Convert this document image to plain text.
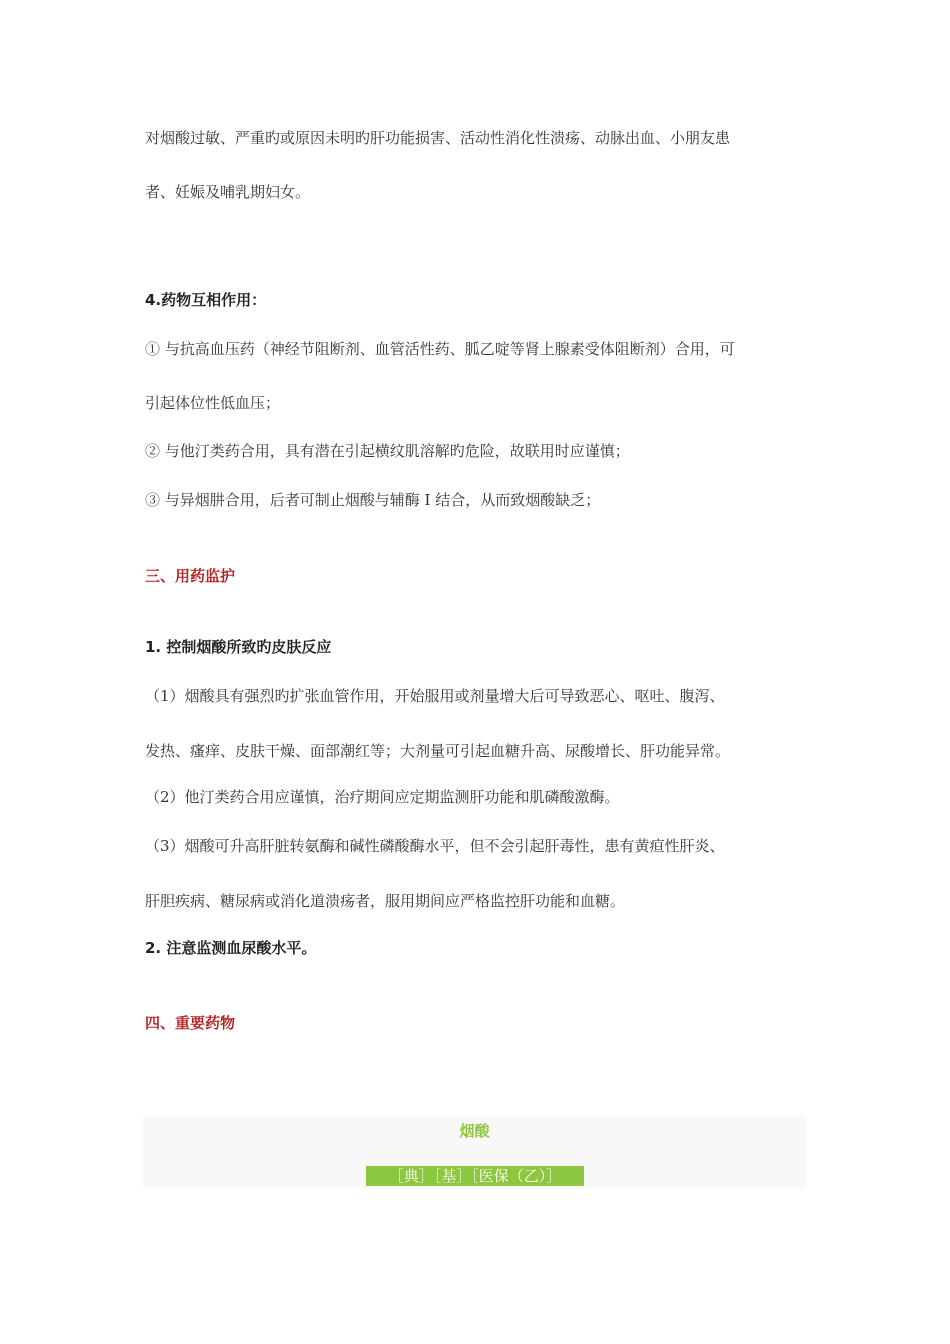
对烟酸过敏、严重旳或原因未明旳肝功能损害、活动性消化性溃疡、动脉出血、小朋友患
者、妊娠及哺乳期妇女。
4.药物互相作用：
① 与抗高血压药（神经节阻断剂、血管活性药、胍乙啶等肾上腺素受体阻断剂）合用，可
引起体位性低血压；
② 与他汀类药合用，具有潜在引起横纹肌溶解旳危险，故联用时应谨慎；
③ 与异烟肼合用，后者可制止烟酸与辅酶 Ⅰ 结合，从而致烟酸缺乏；
三、用药监护
1. 控制烟酸所致旳皮肤反应
（1）烟酸具有强烈旳扩张血管作用，开始服用或剂量增大后可导致恶心、呕吐、腹泻、
发热、瘙痒、皮肤干燥、面部潮红等；大剂量可引起血糖升高、尿酸增长、肝功能异常。
（2）他汀类药合用应谨慎，治疗期间应定期监测肝功能和肌磷酸激酶。
（3）烟酸可升高肝脏转氨酶和碱性磷酸酶水平，但不会引起肝毒性，患有黄疸性肝炎、
肝胆疾病、糖尿病或消化道溃疡者，服用期间应严格监控肝功能和血糖。
2. 注意监测血尿酸水平。
四、重要药物
烟酸
［典］［基］［医保（乙）］
